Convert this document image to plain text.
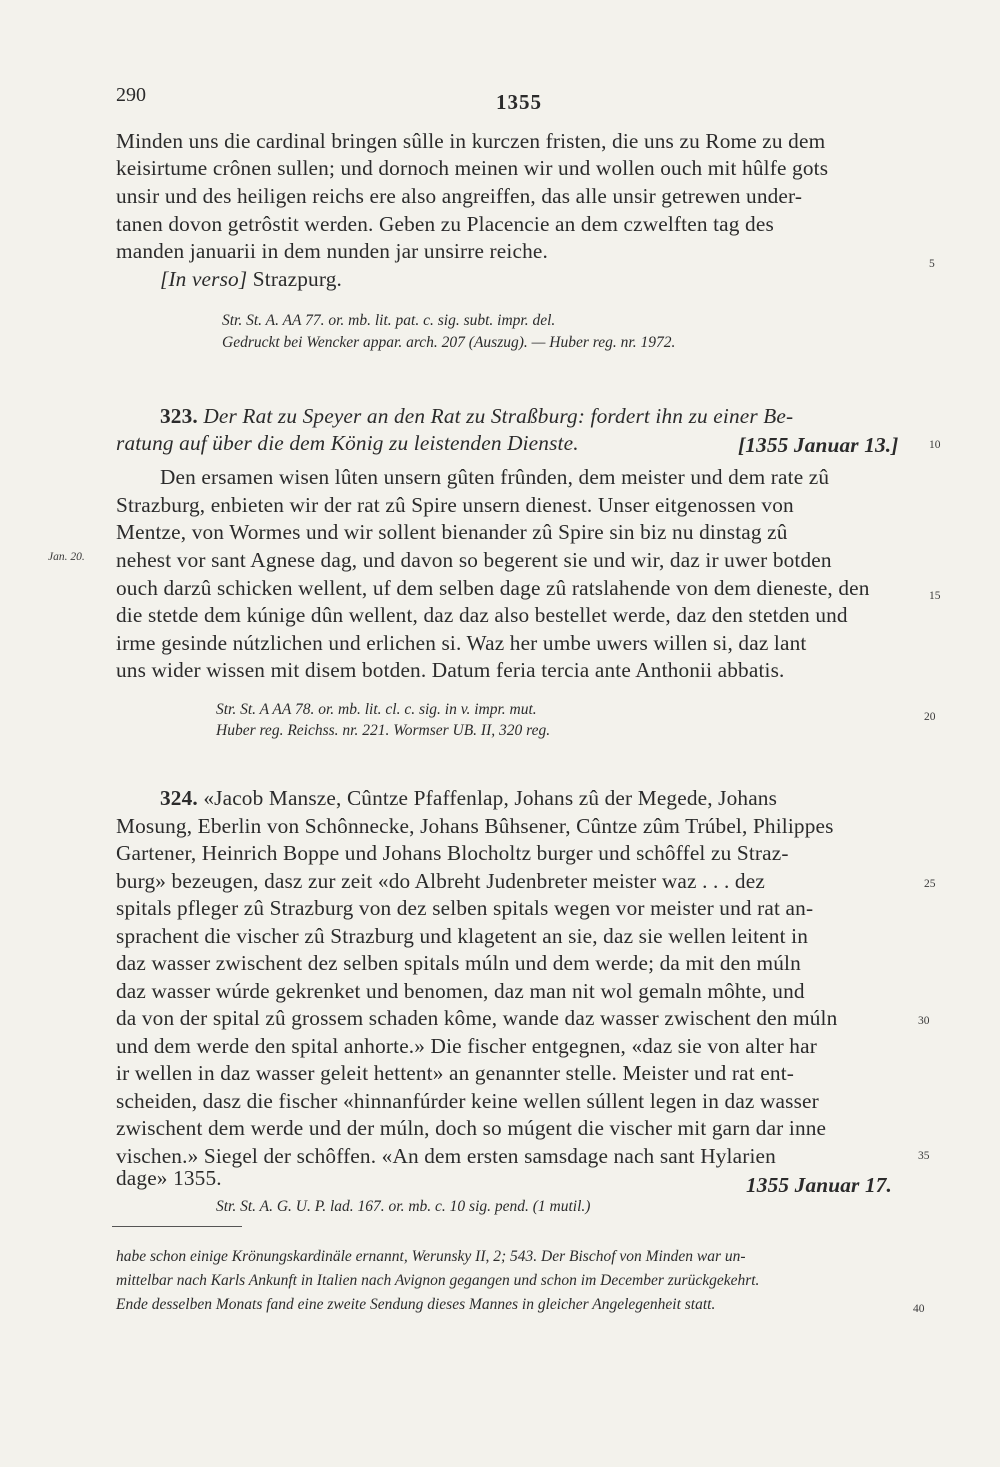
290	1355
Minden uns die cardinal bringen sûlle in kurczen fristen, die uns zu Rome zu dem
keisirtume crônen sullen; und dornoch meinen wir und wollen ouch mit hûlfe gots
unsir und des heiligen reichs ere also angreiffen, das alle unsir getrewen under-
tanen dovon getrôstit werden. Geben zu Placencie an dem czwelften tag des
manden januarii in dem nunden jar unsirre reiche.
[In verso] Strazpurg.
Str. St. A. AA 77. or. mb. lit. pat. c. sig. subt. impr. del.
Gedruckt bei Wencker appar. arch. 207 (Auszug). — Huber reg. nr. 1972.
323. Der Rat zu Speyer an den Rat zu Straßburg: fordert ihn zu einer Be-
ratung auf über die dem König zu leistenden Dienste.	[1355 Januar 13.]
Den ersamen wisen lûten unsern gûten frûnden, dem meister und dem rate zû
Strazburg, enbieten wir der rat zû Spire unsern dienest. Unser eitgenossen von
Mentze, von Wormes und wir sollent bienander zû Spire sin biz nu dinstag zû
nehest vor sant Agnese dag, und davon so begerent sie und wir, daz ir uwer botden
ouch darzû schicken wellent, uf dem selben dage zû ratslahende von dem dieneste, den
die stetde dem kúnige dûn wellent, daz daz also bestellet werde, daz den stetden und
irme gesinde nútzlichen und erlichen si. Waz her umbe uwers willen si, daz lant
uns wider wissen mit disem botden. Datum feria tercia ante Anthonii abbatis.
Jan. 20.
Str. St. A AA 78. or. mb. lit. cl. c. sig. in v. impr. mut.
Huber reg. Reichss. nr. 221. Wormser UB. II, 320 reg.
324. «Jacob Mansze, Cûntze Pfaffenlap, Johans zû der Megede, Johans
Mosung, Eberlin von Schônnecke, Johans Bûhsener, Cûntze zûm Trúbel, Philippes
Gartener, Heinrich Boppe und Johans Blocholtz burger und schôffel zu Straz-
burg» bezeugen, dasz zur zeit «do Albreht Judenbreter meister waz . . . dez
spitals pfleger zû Strazburg von dez selben spitals wegen vor meister und rat an-
sprachent die vischer zû Strazburg und klagetent an sie, daz sie wellen leitent in
daz wasser zwischent dez selben spitals múln und dem werde; da mit den múln
daz wasser wúrde gekrenket und benomen, daz man nit wol gemaln môhte, und
da von der spital zû grossem schaden kôme, wande daz wasser zwischent den múln
und dem werde den spital anhorte.» Die fischer entgegnen, «daz sie von alter har
ir wellen in daz wasser geleit hettent» an genannter stelle. Meister und rat ent-
scheiden, dasz die fischer «hinnanfúrder keine wellen súllent legen in daz wasser
zwischent dem werde und der múln, doch so múgent die vischer mit garn dar inne
vischen.» Siegel der schôffen. «An dem ersten samsdage nach sant Hylarien
dage» 1355.	1355 Januar 17.
Str. St. A. G. U. P. lad. 167. or. mb. c. 10 sig. pend. (1 mutil.)
habe schon einige Krönungskardinäle ernannt, Werunsky II, 2; 543. Der Bischof von Minden war un-
mittelbar nach Karls Ankunft in Italien nach Avignon gegangen und schon im December zurückgekehrt.
Ende desselben Monats fand eine zweite Sendung dieses Mannes in gleicher Angelegenheit statt.
5
10
15
20
25
30
35
40
